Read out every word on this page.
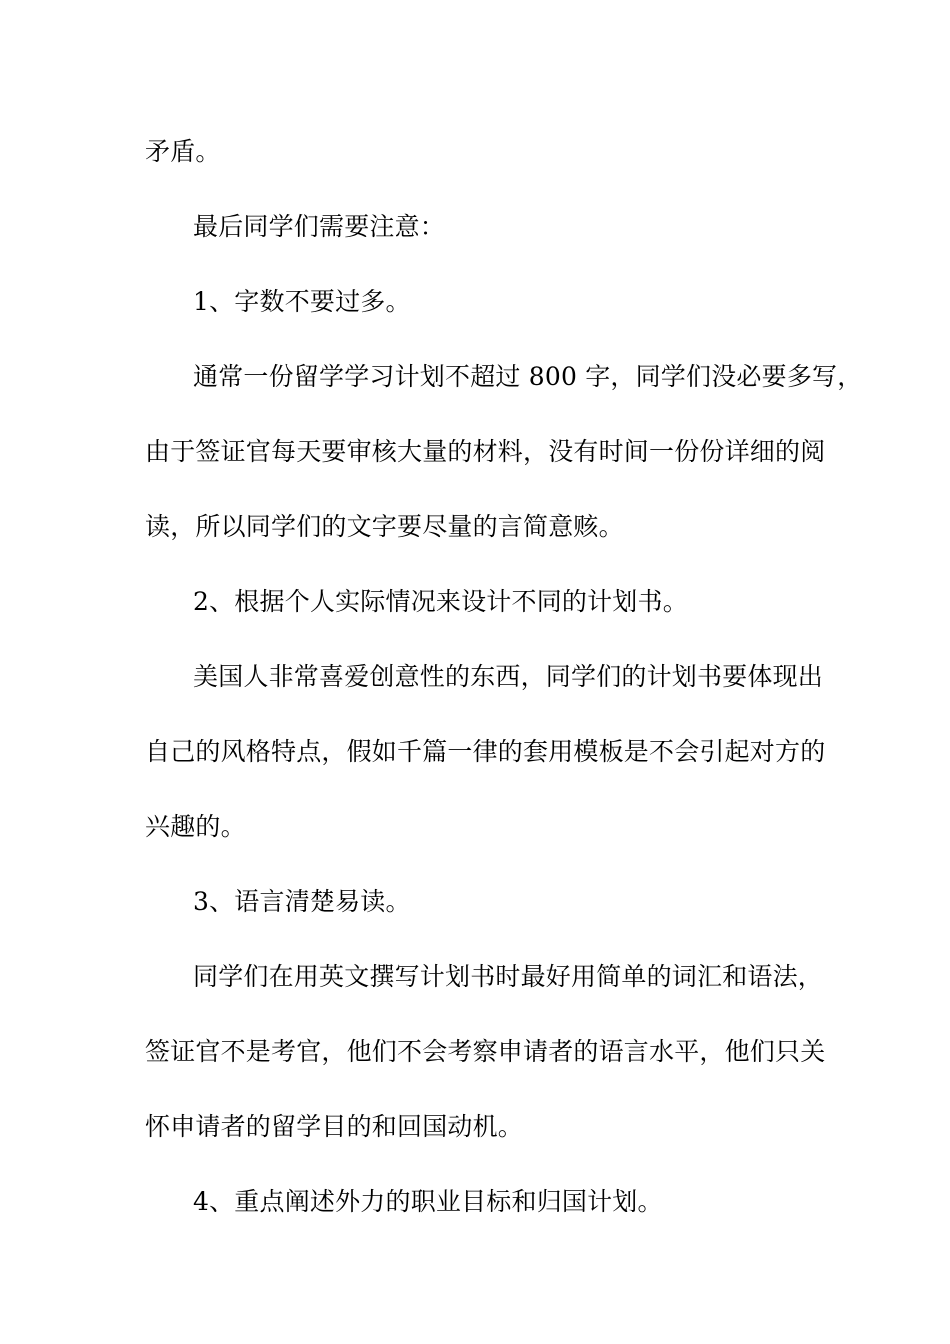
矛盾。
最后同学们需要注意：
1、字数不要过多。
通常一份留学学习计划不超过 800 字，同学们没必要多写，
由于签证官每天要审核大量的材料，没有时间一份份详细的阅
读，所以同学们的文字要尽量的言简意赅。
2、根据个人实际情况来设计不同的计划书。
美国人非常喜爱创意性的东西，同学们的计划书要体现出
自己的风格特点，假如千篇一律的套用模板是不会引起对方的
兴趣的。
3、语言清楚易读。
同学们在用英文撰写计划书时最好用简单的词汇和语法，
签证官不是考官，他们不会考察申请者的语言水平，他们只关
怀申请者的留学目的和回国动机。
4、重点阐述外力的职业目标和归国计划。
